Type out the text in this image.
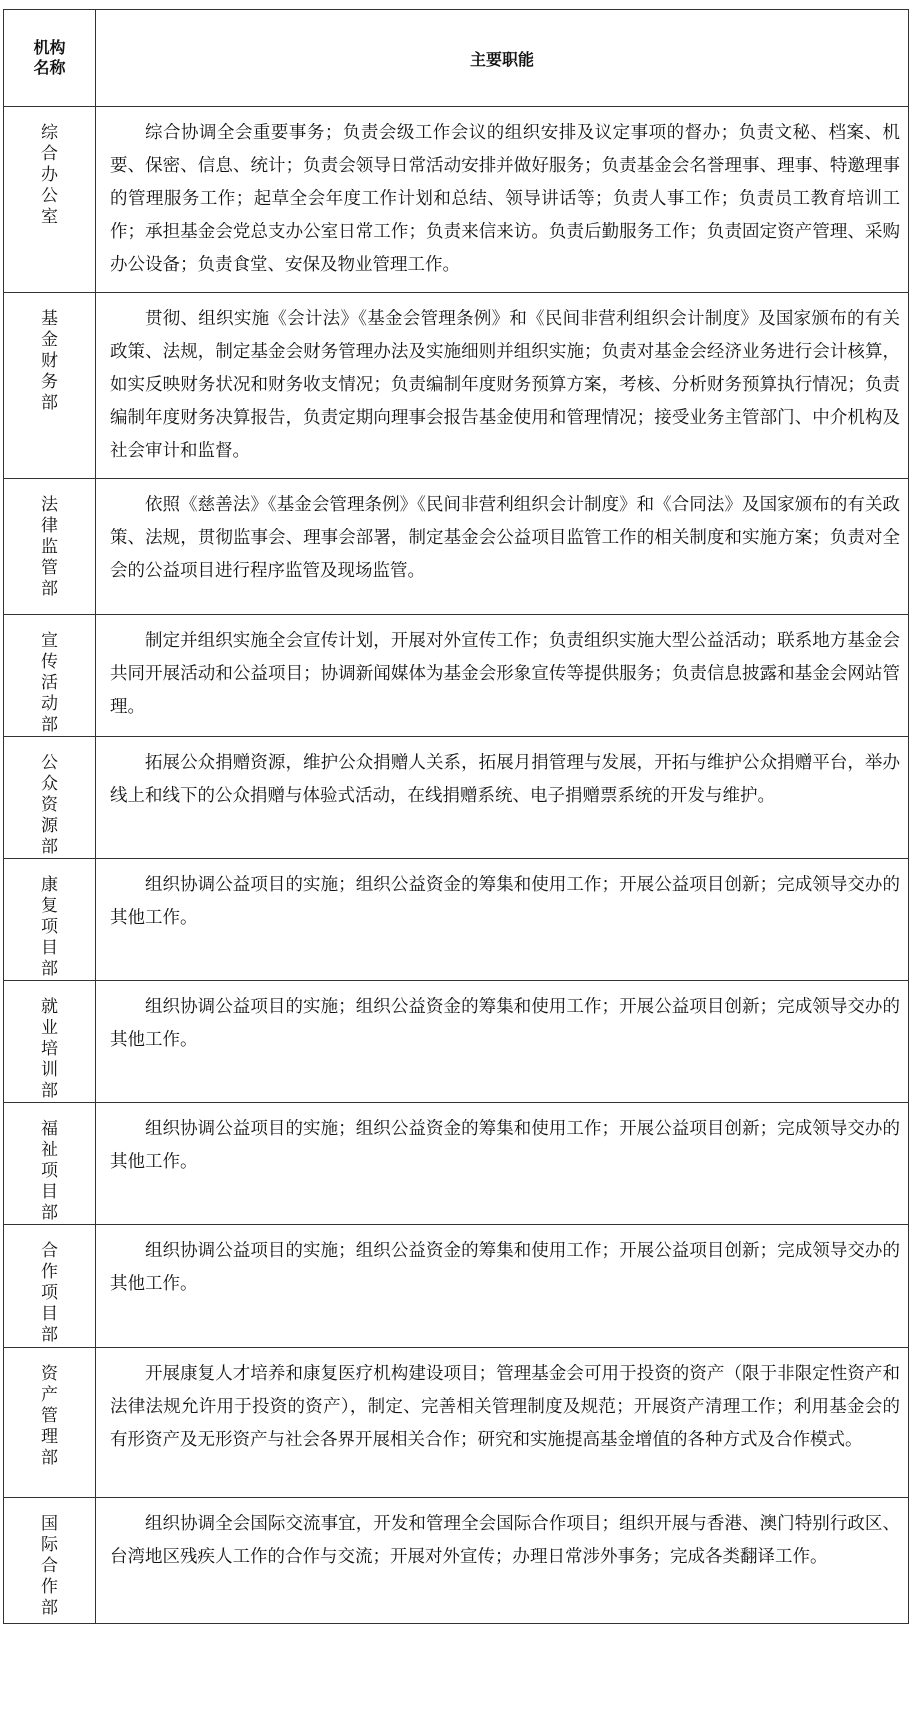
机构名称	主要职能

综合办公室	综合协调全会重要事务；负责会级工作会议的组织安排及议定事项的督办；负责文秘、档案、机要、保密、信息、统计；负责会领导日常活动安排并做好服务；负责基金会名誉理事、理事、特邀理事的管理服务工作；起草全会年度工作计划和总结、领导讲话等；负责人事工作；负责员工教育培训工作；承担基金会党总支办公室日常工作；负责来信来访。负责后勤服务工作；负责固定资产管理、采购办公设备；负责食堂、安保及物业管理工作。

基金财务部	贯彻、组织实施《会计法》《基金会管理条例》和《民间非营利组织会计制度》及国家颁布的有关政策、法规，制定基金会财务管理办法及实施细则并组织实施；负责对基金会经济业务进行会计核算，如实反映财务状况和财务收支情况；负责编制年度财务预算方案，考核、分析财务预算执行情况；负责编制年度财务决算报告，负责定期向理事会报告基金使用和管理情况；接受业务主管部门、中介机构及社会审计和监督。

法律监管部	依照《慈善法》《基金会管理条例》《民间非营利组织会计制度》和《合同法》及国家颁布的有关政策、法规，贯彻监事会、理事会部署，制定基金会公益项目监管工作的相关制度和实施方案；负责对全会的公益项目进行程序监管及现场监管。

宣传活动部	制定并组织实施全会宣传计划，开展对外宣传工作；负责组织实施大型公益活动；联系地方基金会共同开展活动和公益项目；协调新闻媒体为基金会形象宣传等提供服务；负责信息披露和基金会网站管理。

公众资源部	拓展公众捐赠资源，维护公众捐赠人关系，拓展月捐管理与发展，开拓与维护公众捐赠平台，举办线上和线下的公众捐赠与体验式活动，在线捐赠系统、电子捐赠票系统的开发与维护。

康复项目部	组织协调公益项目的实施；组织公益资金的筹集和使用工作；开展公益项目创新；完成领导交办的其他工作。

就业培训部	组织协调公益项目的实施；组织公益资金的筹集和使用工作；开展公益项目创新；完成领导交办的其他工作。

福祉项目部	组织协调公益项目的实施；组织公益资金的筹集和使用工作；开展公益项目创新；完成领导交办的其他工作。

合作项目部	组织协调公益项目的实施；组织公益资金的筹集和使用工作；开展公益项目创新；完成领导交办的其他工作。

资产管理部	开展康复人才培养和康复医疗机构建设项目；管理基金会可用于投资的资产（限于非限定性资产和法律法规允许用于投资的资产），制定、完善相关管理制度及规范；开展资产清理工作；利用基金会的有形资产及无形资产与社会各界开展相关合作；研究和实施提高基金增值的各种方式及合作模式。

国际合作部	组织协调全会国际交流事宜，开发和管理全会国际合作项目；组织开展与香港、澳门特别行政区、台湾地区残疾人工作的合作与交流；开展对外宣传；办理日常涉外事务；完成各类翻译工作。
